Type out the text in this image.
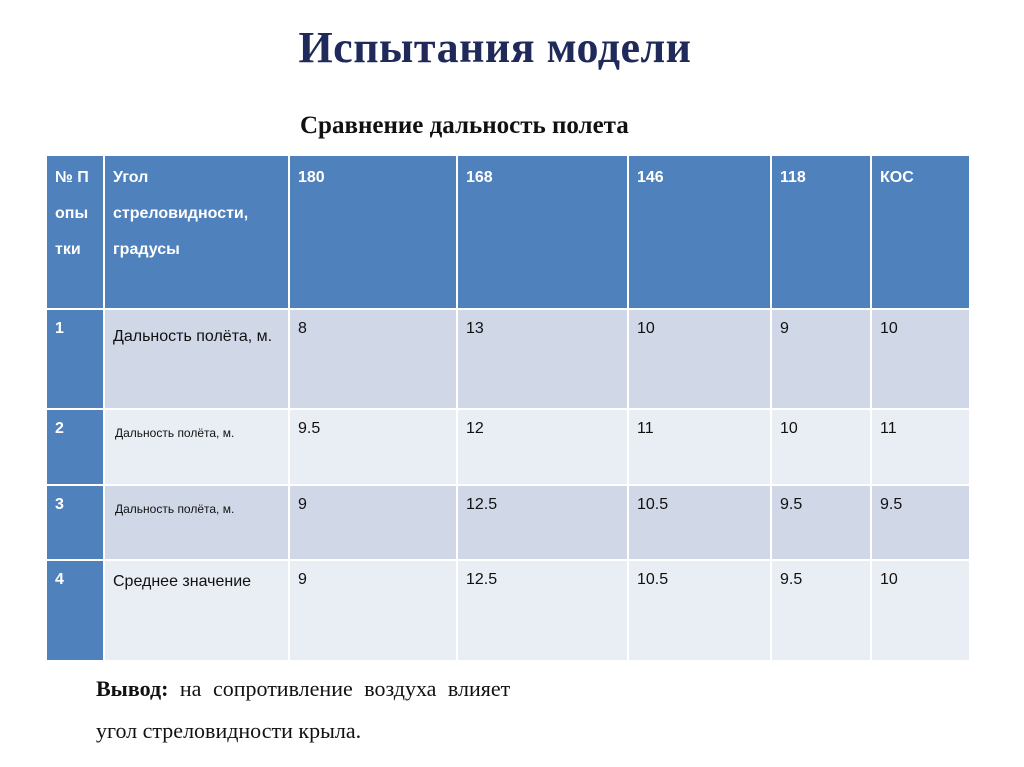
Испытания модели
Сравнение дальность полета
№ Попытки	Угол стреловидности, градусы	180	168	146	118	КОС
1	Дальность полёта, м.	8	13	10	9	10
2	Дальность полёта, м.	9.5	12	11	10	11
3	Дальность полёта, м.	9	12.5	10.5	9.5	9.5
4	Среднее значение	9	12.5	10.5	9.5	10
Вывод: на сопротивление воздуха влияет
угол стреловидности крыла.
